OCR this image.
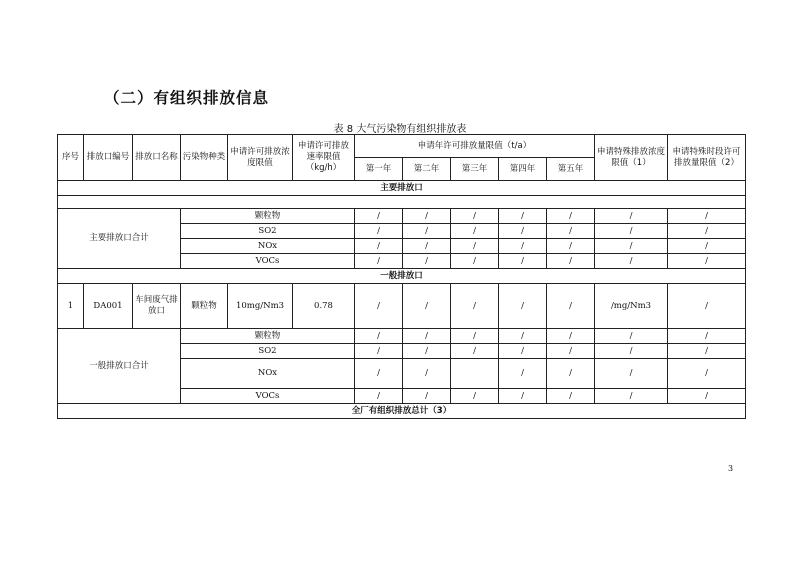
（二）有组织排放信息
表 8 大气污染物有组织排放表
序号	排放口编号	排放口名称	污染物种类	申请许可排放浓度限值	申请许可排放速率限值（kg/h）	申请年许可排放量限值（t/a）					申请特殊排放浓度限值（1）	申请特殊时段许可排放量限值（2）
						第一年	第二年	第三年	第四年	第五年		
主要排放口												

主要排放口合计			颗粒物			/	/	/	/	/	/	/
			SO2			/	/	/	/	/	/	/
			NOx			/	/	/	/	/	/	/
			VOCs			/	/	/	/	/	/	/
一般排放口												
1	DA001	车间废气排放口	颗粒物	10mg/Nm3	0.78	/	/	/	/	/	/mg/Nm3	/
一般排放口合计			颗粒物			/	/	/	/	/	/	/
			SO2			/	/	/	/	/	/	/
			NOx			/	/		/	/	/	/
			VOCs			/	/	/	/	/	/	/
全厂有组织排放总计（3）												
3
